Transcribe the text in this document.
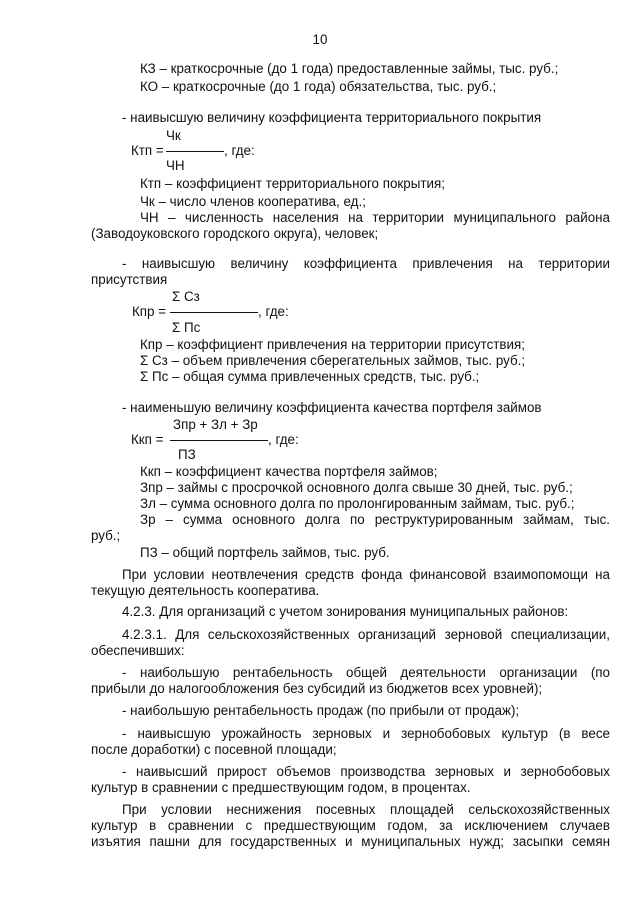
10
КЗ – краткосрочные (до 1 года) предоставленные займы, тыс. руб.;
КО – краткосрочные (до 1 года) обязательства, тыс. руб.;
- наивысшую величину коэффициента территориального покрытия
Чк
Ктп =	, где:
ЧН
Ктп – коэффициент территориального покрытия;
Чк – число членов кооператива, ед.;
ЧН – численность населения на территории муниципального района
(Заводоуковского городского округа), человек;
- наивысшую величину коэффициента привлечения на территории
присутствия
Σ Сз
Кпр =	, где:
Σ Пс
Кпр – коэффициент привлечения на территории присутствия;
Σ Сз – объем привлечения сберегательных займов, тыс. руб.;
Σ Пс – общая сумма привлеченных средств, тыс. руб.;
- наименьшую величину коэффициента качества портфеля займов
Зпр + Зл + Зр
Ккп =	, где:
ПЗ
Ккп – коэффициент качества портфеля займов;
Зпр – займы с просрочкой основного долга свыше 30 дней, тыс. руб.;
Зл – сумма основного долга по пролонгированным займам, тыс. руб.;
Зр – сумма основного долга по реструктурированным займам, тыс.
руб.;
ПЗ – общий портфель займов, тыс. руб.
При условии неотвлечения средств фонда финансовой взаимопомощи на
текущую деятельность кооператива.
4.2.3. Для организаций с учетом зонирования муниципальных районов:
4.2.3.1. Для сельскохозяйственных организаций зерновой специализации,
обеспечивших:
- наибольшую рентабельность общей деятельности организации (по
прибыли до налогообложения без субсидий из бюджетов всех уровней);
- наибольшую рентабельность продаж (по прибыли от продаж);
- наивысшую урожайность зерновых и зернобобовых культур (в весе
после доработки) с посевной площади;
- наивысший прирост объемов производства зерновых и зернобобовых
культур в сравнении с предшествующим годом, в процентах.
При условии неснижения посевных площадей сельскохозяйственных
культур в сравнении с предшествующим годом, за исключением случаев
изъятия пашни для государственных и муниципальных нужд; засыпки семян
